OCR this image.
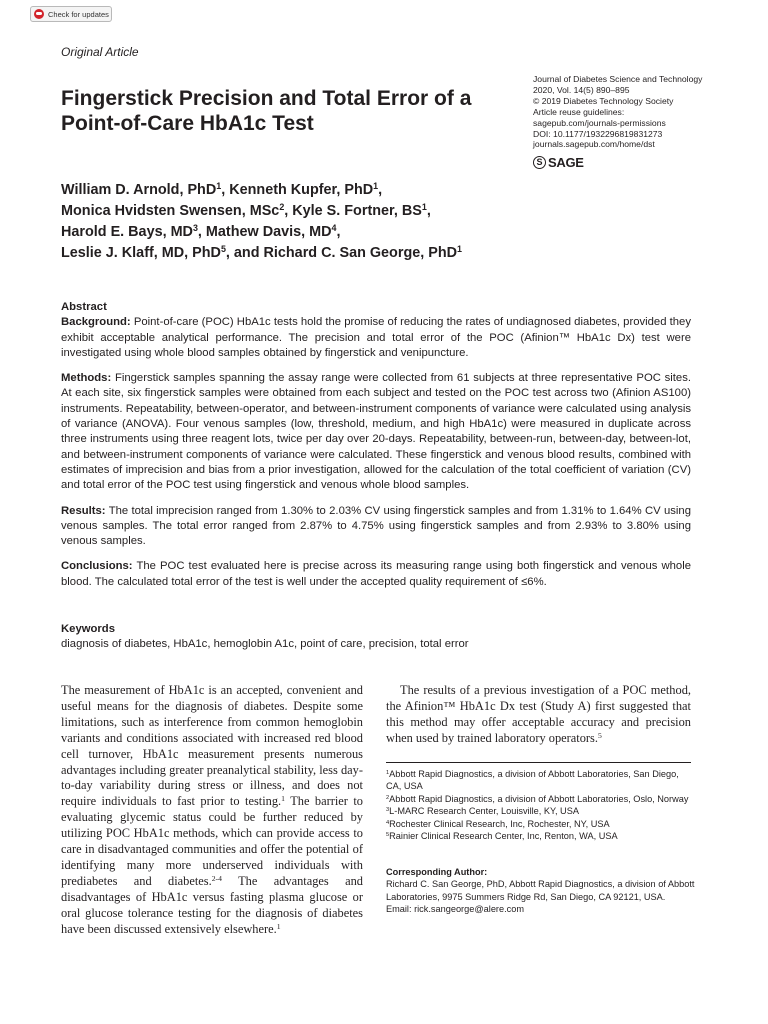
Check for updates
Original Article
Fingerstick Precision and Total Error of a Point-of-Care HbA1c Test
Journal of Diabetes Science and Technology
2020, Vol. 14(5) 890–895
© 2019 Diabetes Technology Society
Article reuse guidelines:
sagepub.com/journals-permissions
DOI: 10.1177/1932296819831273
journals.sagepub.com/home/dst
S SAGE
William D. Arnold, PhD$^1$, Kenneth Kupfer, PhD$^1$,
Monica Hvidsten Swensen, MSc$^2$, Kyle S. Fortner, $BS^1$,
Harold E. Bays, $MD^3$, Mathew Davis, $MD^4$,
Leslie J. Klaff, MD, PhD$^5$, and Richard C. San George, PhD$^1$
Abstract

Background: Point-of-care (POC) HbA1c tests hold the promise of reducing the rates of undiagnosed diabetes, provided they exhibit acceptable analytical performance. The precision and total error of the POC (Afinion™ HbA1c Dx) test were investigated using whole blood samples obtained by fingerstick and venipuncture.

Methods: Fingerstick samples spanning the assay range were collected from 61 subjects at three representative POC sites. At each site, six fingerstick samples were obtained from each subject and tested on the POC test across two (Afinion AS100) instruments. Repeatability, between-operator, and between-instrument components of variance were calculated using analysis of variance (ANOVA). Four venous samples (low, threshold, medium, and high HbA1c) were measured in duplicate across three instruments using three reagent lots, twice per day over 20-days. Repeatability, between-run, between-day, between-lot, and between-instrument components of variance were calculated. These fingerstick and venous blood results, combined with estimates of imprecision and bias from a prior investigation, allowed for the calculation of the total coefficient of variation (CV) and total error of the POC test using fingerstick and venous whole blood samples.

Results: The total imprecision ranged from 1.30% to 2.03% CV using fingerstick samples and from 1.31% to 1.64% CV using venous samples. The total error ranged from 2.87% to 4.75% using fingerstick samples and from 2.93% to 3.80% using venous samples.

Conclusions: The POC test evaluated here is precise across its measuring range using both fingerstick and venous whole blood. The calculated total error of the test is well under the accepted quality requirement of ≤6%.

Keywords
diagnosis of diabetes, HbA1c, hemoglobin A1c, point of care, precision, total error

The measurement of HbA1c is an accepted, convenient and useful means for the diagnosis of diabetes. Despite some limitations, such as interference from common hemoglobin variants and conditions associated with increased red blood cell turnover, HbA1c measurement presents numerous advantages including greater preanalytical stability, less day-to-day variability during stress or illness, and does not require individuals to fast prior to testing.$^1$ The barrier to evaluating glycemic status could be further reduced by utilizing POC HbA1c methods, which can provide access to care in disadvantaged communities and offer the potential of identifying many more underserved individuals with prediabetes and diabetes.$^{2-4}$ The advantages and disadvantages of HbA1c versus fasting plasma glucose or oral glucose tolerance testing for the diagnosis of diabetes have been discussed extensively elsewhere.$^1$

The results of a previous investigation of a POC method, the Afinion™ HbA1c Dx test (Study A) first suggested that this method may offer acceptable accuracy and precision when used by trained laboratory operators.$^5$

$^1$Abbott Rapid Diagnostics, a division of Abbott Laboratories, San Diego, CA, USA
$^2$Abbott Rapid Diagnostics, a division of Abbott Laboratories, Oslo, Norway
$^3$L-MARC Research Center, Louisville, KY, USA
$^4$Rochester Clinical Research, Inc, Rochester, NY, USA
$^5$Rainier Clinical Research Center, Inc, Renton, WA, USA
Corresponding Author:
Richard C. San George, PhD, Abbott Rapid Diagnostics, a division of Abbott Laboratories, 9975 Summers Ridge Rd, San Diego, CA 92121, USA.
Email: rick.sangeorge@alere.com
